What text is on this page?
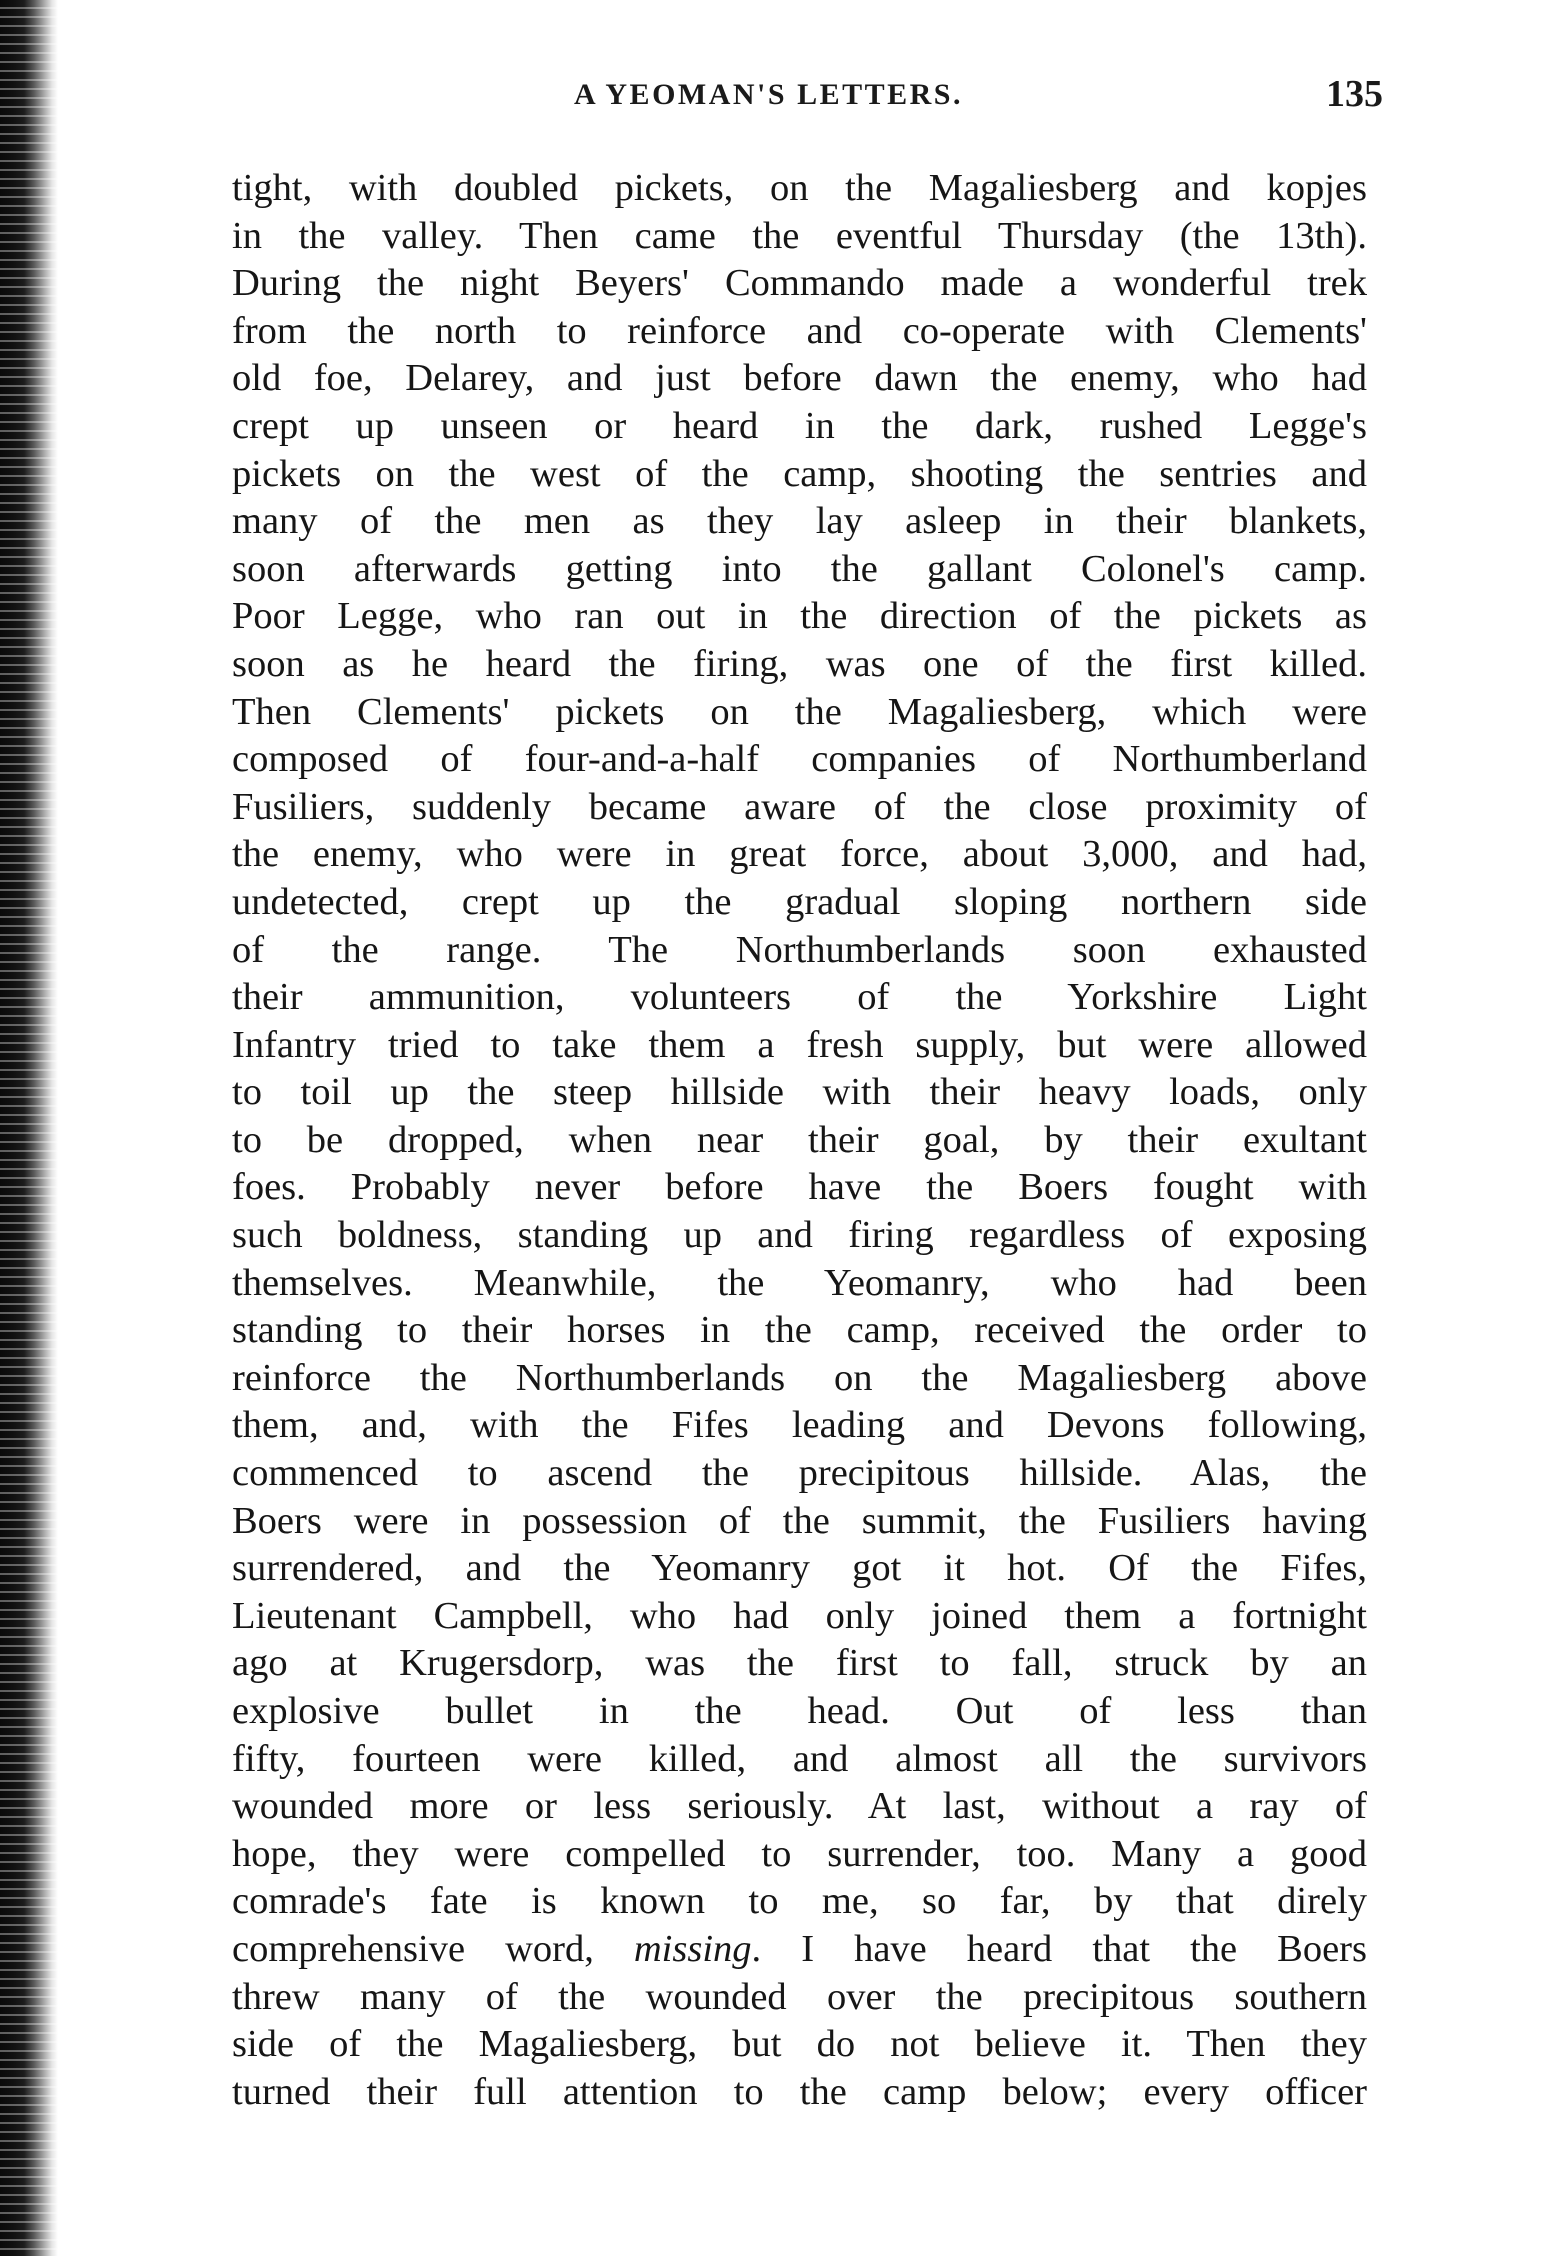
A YEOMAN'S LETTERS.	135
tight, with doubled pickets, on the Magaliesberg and kopjes
in the valley. Then came the eventful Thursday (the 13th).
During the night Beyers' Commando made a wonderful trek
from the north to reinforce and co-operate with Clements'
old foe, Delarey, and just before dawn the enemy, who had
crept up unseen or heard in the dark, rushed Legge's
pickets on the west of the camp, shooting the sentries and
many of the men as they lay asleep in their blankets,
soon afterwards getting into the gallant Colonel's camp.
Poor Legge, who ran out in the direction of the pickets as
soon as he heard the firing, was one of the first killed.
Then Clements' pickets on the Magaliesberg, which were
composed of four-and-a-half companies of Northumberland
Fusiliers, suddenly became aware of the close proximity of
the enemy, who were in great force, about 3,000, and had,
undetected, crept up the gradual sloping northern side
of the range. The Northumberlands soon exhausted
their ammunition, volunteers of the Yorkshire Light
Infantry tried to take them a fresh supply, but were allowed
to toil up the steep hillside with their heavy loads, only
to be dropped, when near their goal, by their exultant
foes. Probably never before have the Boers fought with
such boldness, standing up and firing regardless of exposing
themselves. Meanwhile, the Yeomanry, who had been
standing to their horses in the camp, received the order to
reinforce the Northumberlands on the Magaliesberg above
them, and, with the Fifes leading and Devons following,
commenced to ascend the precipitous hillside. Alas, the
Boers were in possession of the summit, the Fusiliers having
surrendered, and the Yeomanry got it hot. Of the Fifes,
Lieutenant Campbell, who had only joined them a fortnight
ago at Krugersdorp, was the first to fall, struck by an
explosive bullet in the head. Out of less than
fifty, fourteen were killed, and almost all the survivors
wounded more or less seriously. At last, without a ray of
hope, they were compelled to surrender, too. Many a good
comrade's fate is known to me, so far, by that direly
comprehensive word, missing. I have heard that the Boers
threw many of the wounded over the precipitous southern
side of the Magaliesberg, but do not believe it. Then they
turned their full attention to the camp below; every officer
